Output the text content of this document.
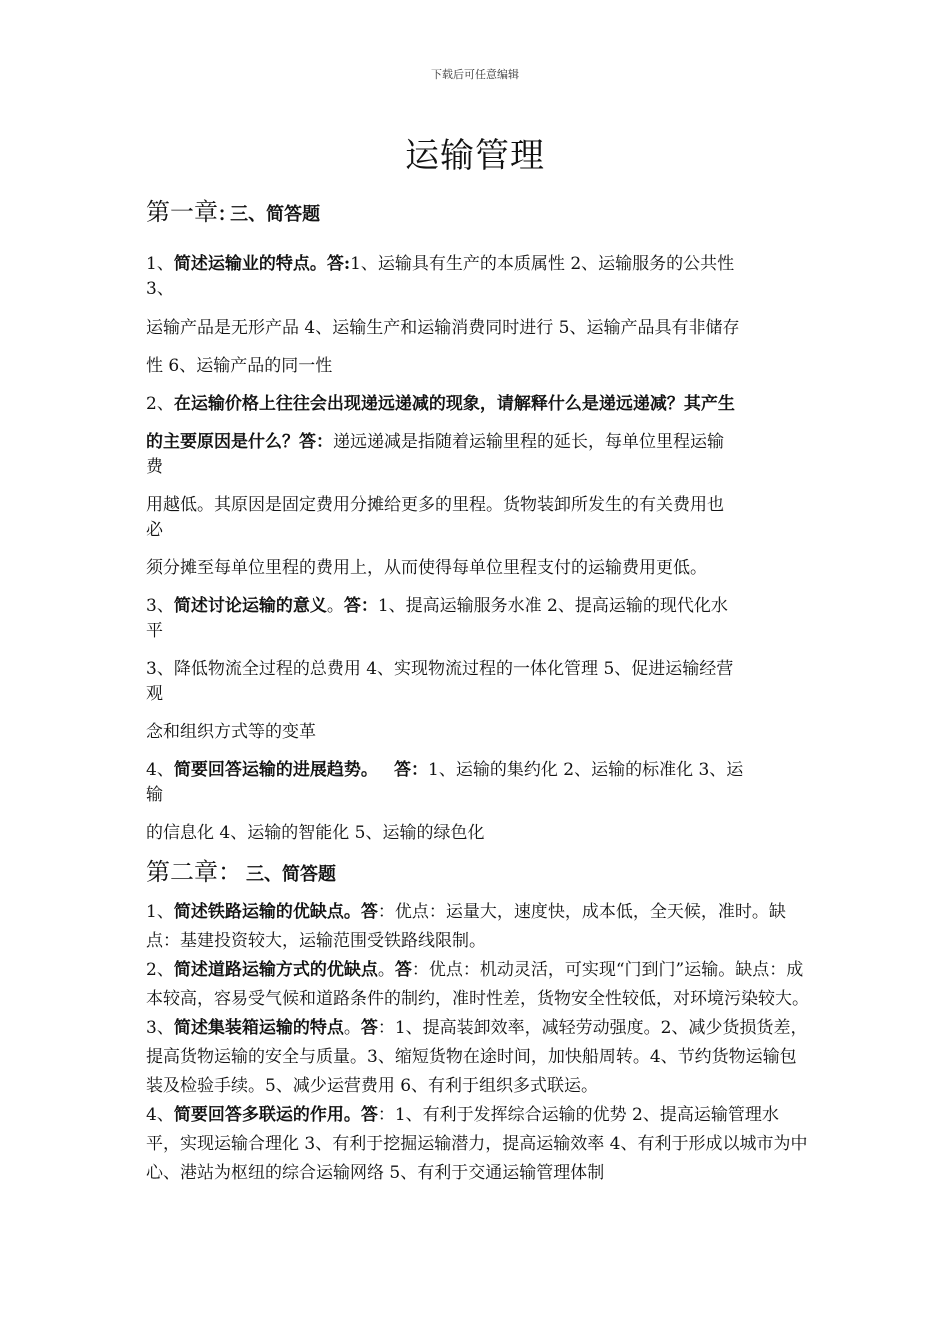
下载后可任意编辑
运输管理

第一章: 三、简答题

1、简述运输业的特点。答:1、运输具有生产的本质属性 2、运输服务的公共性

3、

运输产品是无形产品 4、运输生产和运输消费同时进行 5、运输产品具有非储存

性 6、运输产品的同一性

2、在运输价格上往往会出现递远递减的现象，请解释什么是递远递减？其产生

的主要原因是什么？答：递远递减是指随着运输里程的延长，每单位里程运输

费

用越低。其原因是固定费用分摊给更多的里程。货物装卸所发生的有关费用也

必

须分摊至每单位里程的费用上，从而使得每单位里程支付的运输费用更低。

3、简述讨论运输的意义。答：1、提高运输服务水准 2、提高运输的现代化水

平

3、降低物流全过程的总费用 4、实现物流过程的一体化管理 5、促进运输经营

观

念和组织方式等的变革

4、简要回答运输的进展趋势。 答：1、运输的集约化 2、运输的标准化 3、运

输

的信息化 4、运输的智能化 5、运输的绿色化

第二章： 三、简答题

1、简述铁路运输的优缺点。答：优点：运量大，速度快，成本低，全天候，准时。缺点：基建投资较大，运输范围受铁路线限制。

2、简述道路运输方式的优缺点。答：优点：机动灵活，可实现“门到门”运输。缺点：成本较高，容易受气候和道路条件的制约，准时性差，货物安全性较低，对环境污染较大。

3、简述集装箱运输的特点。答：1、提高装卸效率，减轻劳动强度。2、减少货损货差，提高货物运输的安全与质量。3、缩短货物在途时间，加快船周转。4、节约货物运输包装及检验手续。5、减少运营费用 6、有利于组织多式联运。

4、简要回答多联运的作用。答：1、有利于发挥综合运输的优势 2、提高运输管理水平，实现运输合理化 3、有利于挖掘运输潜力，提高运输效率 4、有利于形成以城市为中心、港站为枢纽的综合运输网络 5、有利于交通运输管理体制
